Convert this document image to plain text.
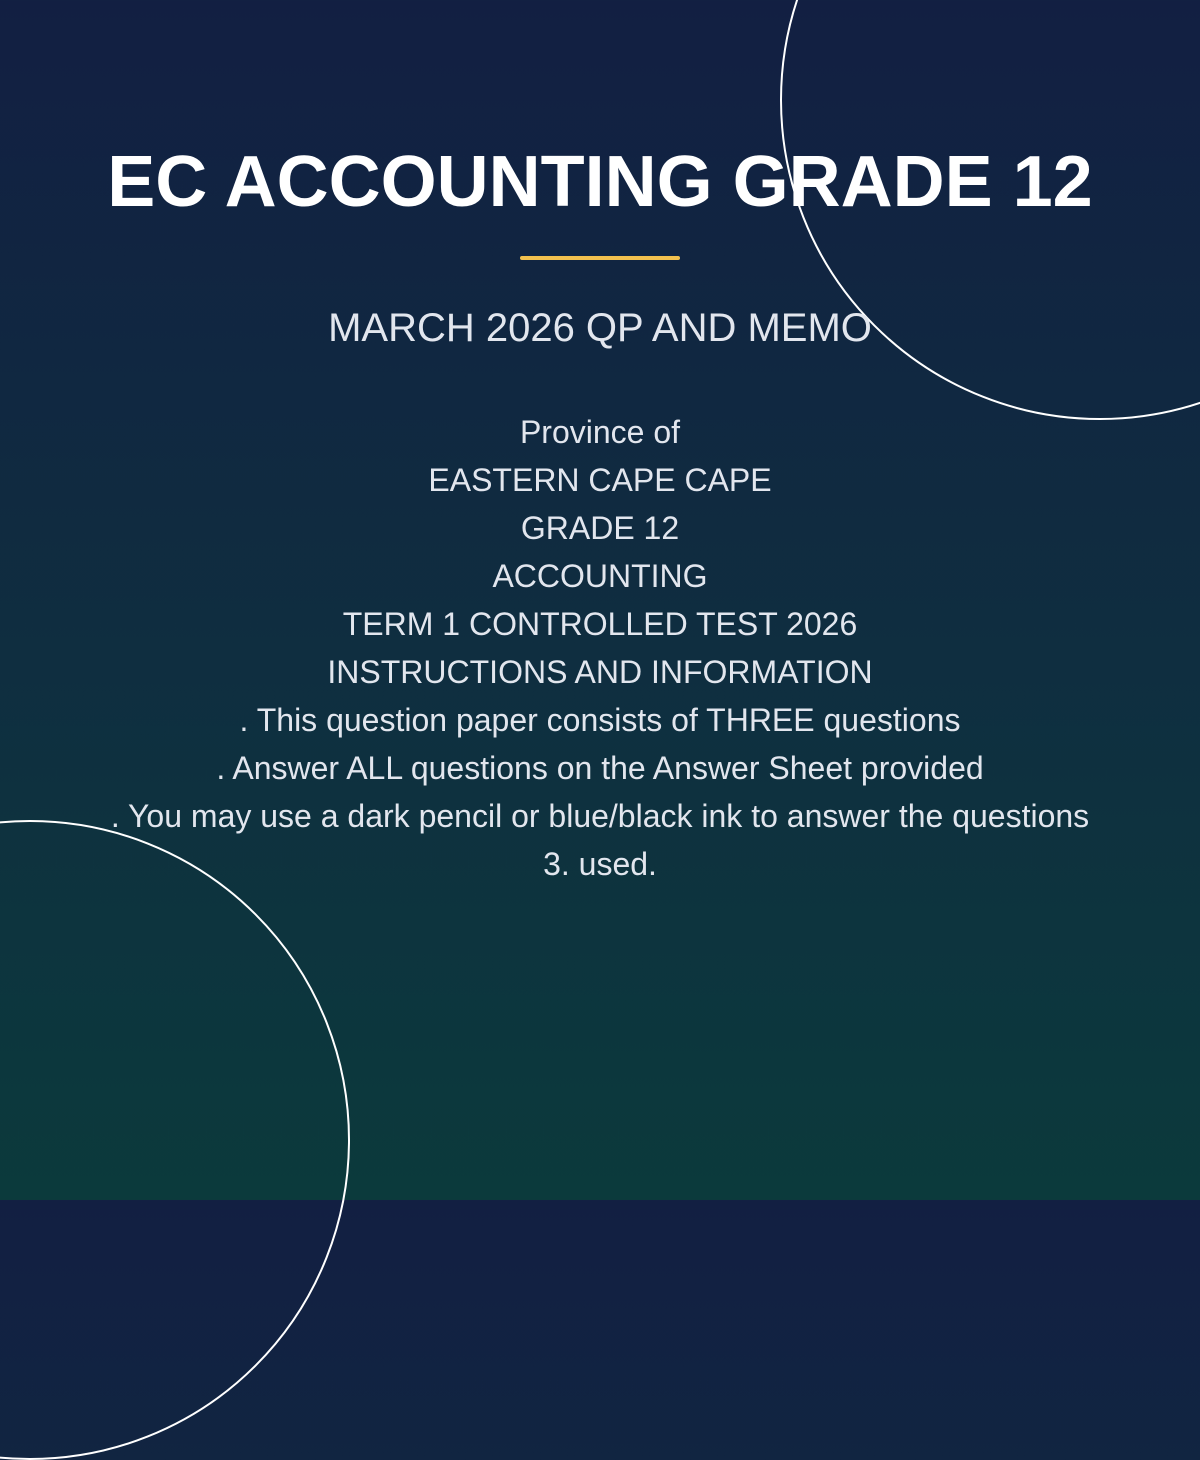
EC ACCOUNTING GRADE 12
MARCH 2026 QP AND MEMO
Province of
EASTERN CAPE CAPE
GRADE 12
ACCOUNTING
TERM 1 CONTROLLED TEST 2026
INSTRUCTIONS AND INFORMATION
. This question paper consists of THREE questions
. Answer ALL questions on the Answer Sheet provided
. You may use a dark pencil or blue/black ink to answer the questions
3. used.
